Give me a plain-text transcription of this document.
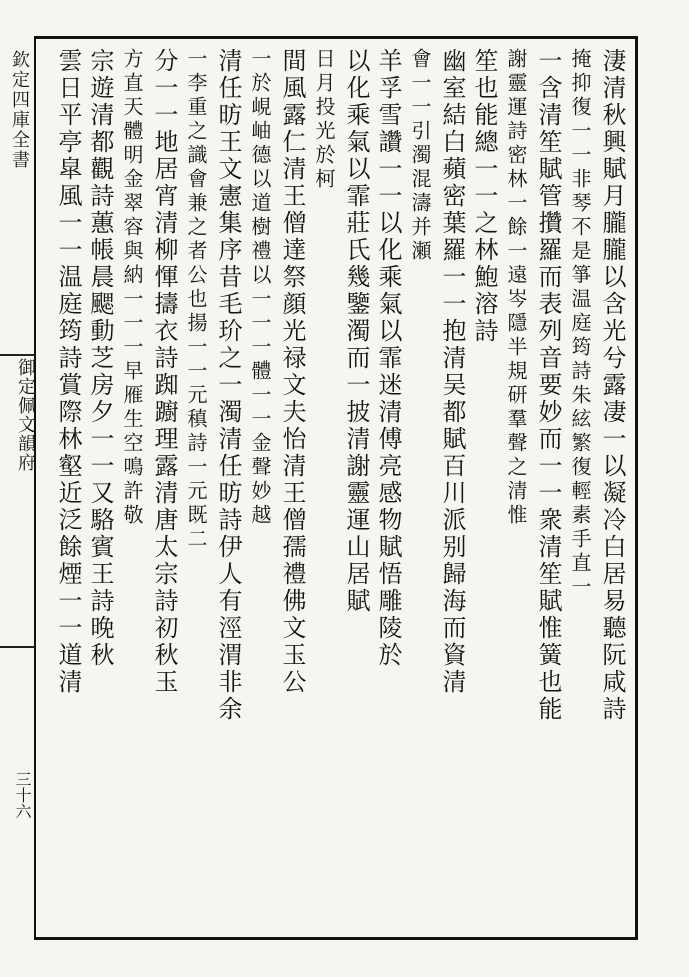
欽定四庫全書
御定佩文韻府
三十六
淒清秋興賦月朧朧以含光兮露凄一以凝冷白居易聽阮咸詩
掩抑復一一非琴不是箏温庭筠詩朱絃繁復輕素手直一
一含清笙賦管攢羅而表列音要妙而一一衆清笙賦惟簧也能
謝靈運詩密林一餘一遠岑隱半規研羣聲之清惟
笙也能總一一之林鮑溶詩
幽室結白蘋密葉羅一一抱清吴都賦百川派别歸海而資清
會一一引濁混濤并瀬
羊孚雪讚一一以化乘氣以霏迷清傅亮感物賦悟雕陵於
以化乘氣以霏莊氏幾鑒濁而一披清謝靈運山居賦
日月投光於柯
間風露仁清王僧達祭顔光禄文夫怡清王僧孺禮佛文玉公
一於峴岫德以道樹禮以一一一體一一金聲妙越
清任昉王文憲集序昔毛玠之一濁清任昉詩伊人有涇渭非余
一李重之識會兼之者公也揚一一元稹詩一元既二
分一一地居宵清柳惲擣衣詩踟躕理露清唐太宗詩初秋玉
方直天體明金翠容與納一一一早雁生空鳴許敬
宗遊清都觀詩蕙帳晨颸動芝房夕一一又駱賓王詩晚秋
雲日平亭皐風一一温庭筠詩賞際林壑近泛餘煙一一道清
